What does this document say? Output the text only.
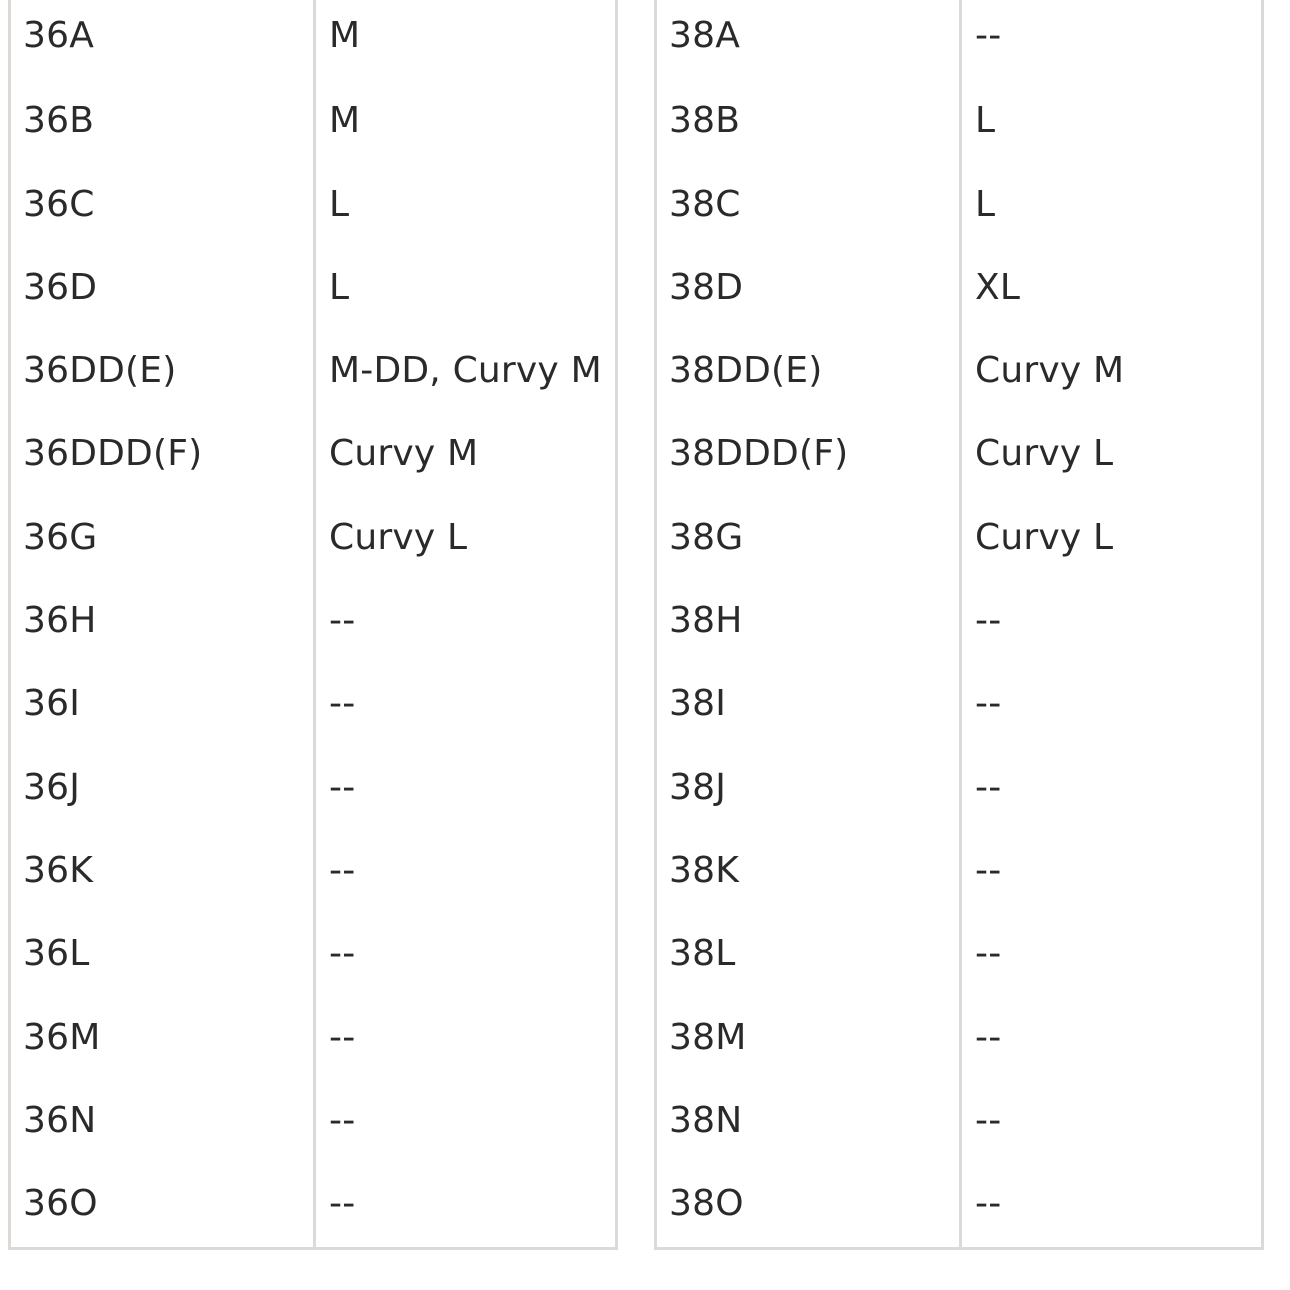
36A	M
36B	M
36C	L
36D	L
36DD(E)	M-DD, Curvy M
36DDD(F)	Curvy M
36G	Curvy L
36H	--
36I	--
36J	--
36K	--
36L	--
36M	--
36N	--
36O	--
38A	--
38B	L
38C	L
38D	XL
38DD(E)	Curvy M
38DDD(F)	Curvy L
38G	Curvy L
38H	--
38I	--
38J	--
38K	--
38L	--
38M	--
38N	--
38O	--
